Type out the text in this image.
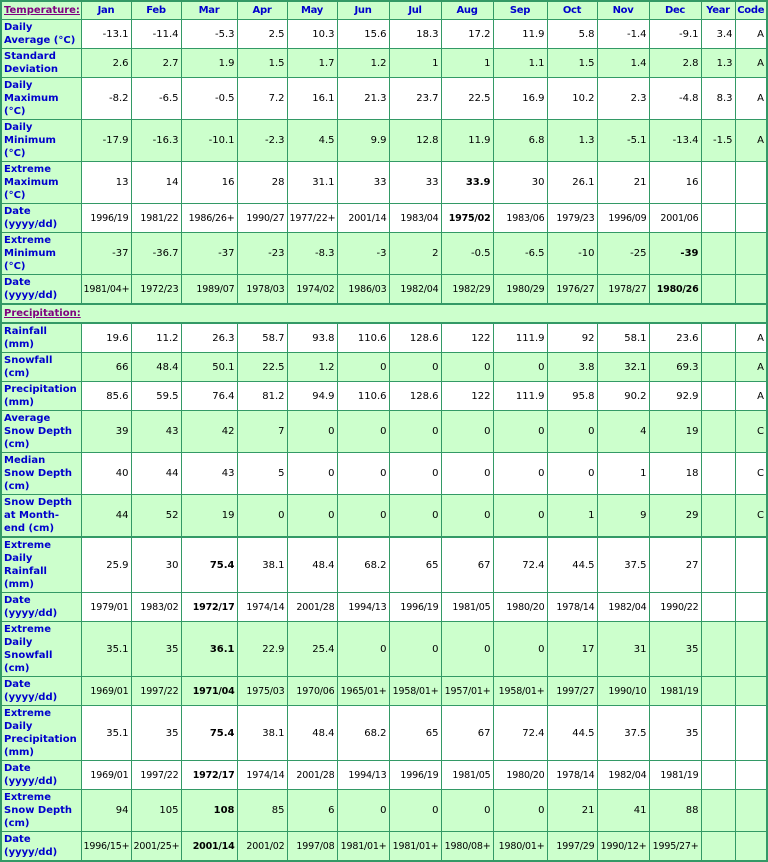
Temperature:	Jan	Feb	Mar	Apr	May	Jun	Jul	Aug	Sep	Oct	Nov	Dec	Year	Code
Daily Average (°C)	-13.1	-11.4	-5.3	2.5	10.3	15.6	18.3	17.2	11.9	5.8	-1.4	-9.1	3.4	A
Standard Deviation	2.6	2.7	1.9	1.5	1.7	1.2	1	1	1.1	1.5	1.4	2.8	1.3	A
Daily Maximum (°C)	-8.2	-6.5	-0.5	7.2	16.1	21.3	23.7	22.5	16.9	10.2	2.3	-4.8	8.3	A
Daily Minimum (°C)	-17.9	-16.3	-10.1	-2.3	4.5	9.9	12.8	11.9	6.8	1.3	-5.1	-13.4	-1.5	A
Extreme Maximum (°C)	13	14	16	28	31.1	33	33	33.9	30	26.1	21	16		
Date (yyyy/dd)	1996/19	1981/22	1986/26+	1990/27	1977/22+	2001/14	1983/04	1975/02	1983/06	1979/23	1996/09	2001/06		
Extreme Minimum (°C)	-37	-36.7	-37	-23	-8.3	-3	2	-0.5	-6.5	-10	-25	-39		
Date (yyyy/dd)	1981/04+	1972/23	1989/07	1978/03	1974/02	1986/03	1982/04	1982/29	1980/29	1976/27	1978/27	1980/26		
Precipitation:														
Rainfall (mm)	19.6	11.2	26.3	58.7	93.8	110.6	128.6	122	111.9	92	58.1	23.6		A
Snowfall (cm)	66	48.4	50.1	22.5	1.2	0	0	0	0	3.8	32.1	69.3		A
Precipitation (mm)	85.6	59.5	76.4	81.2	94.9	110.6	128.6	122	111.9	95.8	90.2	92.9		A
Average Snow Depth (cm)	39	43	42	7	0	0	0	0	0	0	4	19		C
Median Snow Depth (cm)	40	44	43	5	0	0	0	0	0	0	1	18		C
Snow Depth at Month-end (cm)	44	52	19	0	0	0	0	0	0	1	9	29		C
Extreme Daily Rainfall (mm)	25.9	30	75.4	38.1	48.4	68.2	65	67	72.4	44.5	37.5	27		
Date (yyyy/dd)	1979/01	1983/02	1972/17	1974/14	2001/28	1994/13	1996/19	1981/05	1980/20	1978/14	1982/04	1990/22		
Extreme Daily Snowfall (cm)	35.1	35	36.1	22.9	25.4	0	0	0	0	17	31	35		
Date (yyyy/dd)	1969/01	1997/22	1971/04	1975/03	1970/06	1965/01+	1958/01+	1957/01+	1958/01+	1997/27	1990/10	1981/19		
Extreme Daily Precipitation (mm)	35.1	35	75.4	38.1	48.4	68.2	65	67	72.4	44.5	37.5	35		
Date (yyyy/dd)	1969/01	1997/22	1972/17	1974/14	2001/28	1994/13	1996/19	1981/05	1980/20	1978/14	1982/04	1981/19		
Extreme Snow Depth (cm)	94	105	108	85	6	0	0	0	0	21	41	88		
Date (yyyy/dd)	1996/15+	2001/25+	2001/14	2001/02	1997/08	1981/01+	1981/01+	1980/08+	1980/01+	1997/29	1990/12+	1995/27+		
